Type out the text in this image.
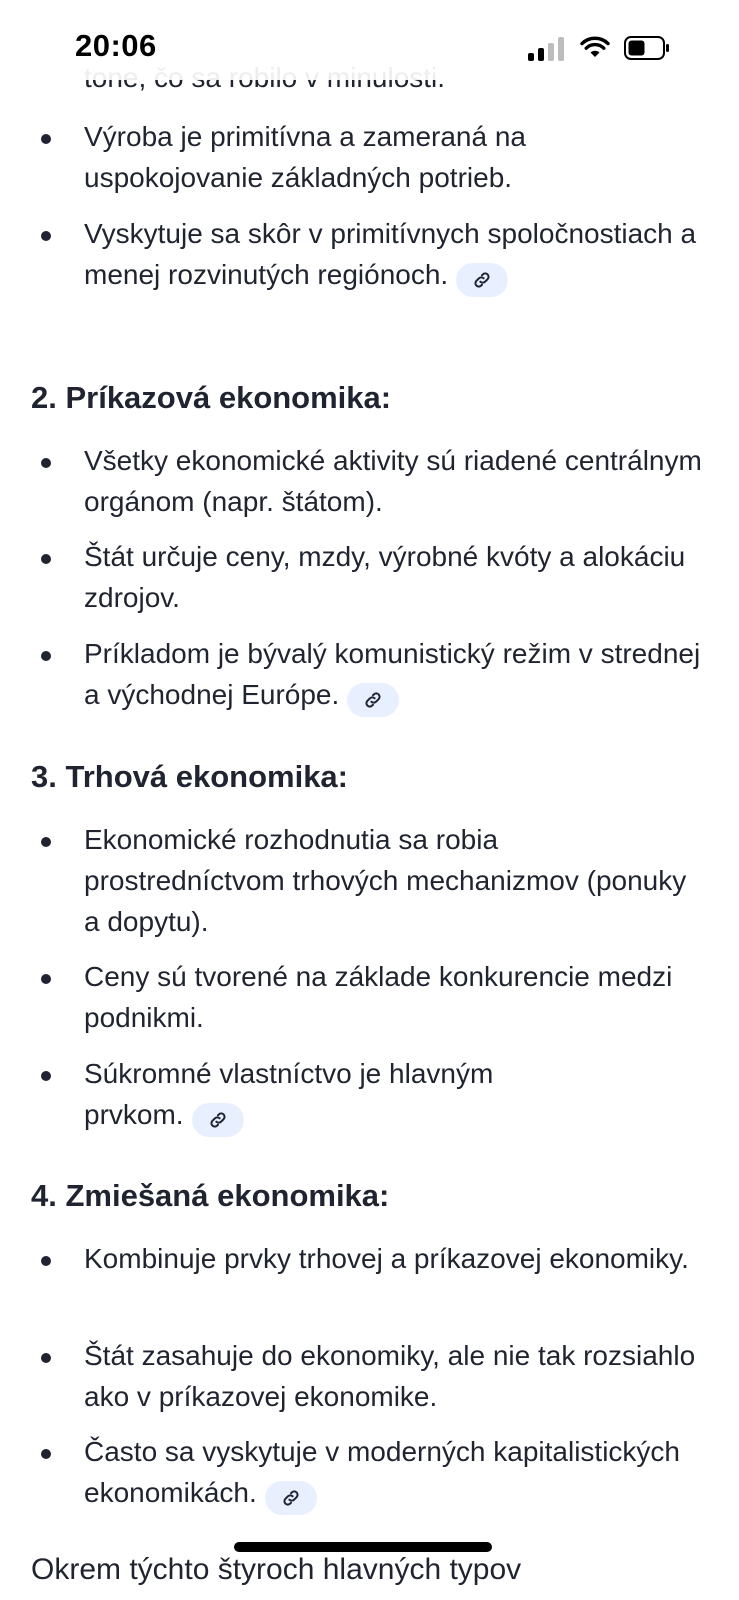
Výroba je primitívna a zameraná na uspokojovanie základných potrieb.
Vyskytuje sa skôr v primitívnych spoločnostiach a menej rozvinutých regiónoch.
2. Príkazová ekonomika:
Všetky ekonomické aktivity sú riadené centrálnym orgánom (napr. štátom).
Štát určuje ceny, mzdy, výrobné kvóty a alokáciu zdrojov.
Príkladom je bývalý komunistický režim v strednej a východnej Európe.
3. Trhová ekonomika:
Ekonomické rozhodnutia sa robia prostredníctvom trhových mechanizmov (ponuky a dopytu).
Ceny sú tvorené na základe konkurencie medzi podnikmi.
Súkromné vlastníctvo je hlavným prvkom.
4. Zmiešaná ekonomika:
Kombinuje prvky trhovej a príkazovej ekonomiky.
Štát zasahuje do ekonomiky, ale nie tak rozsiahlo ako v príkazovej ekonomike.
Často sa vyskytuje v moderných kapitalistických ekonomikách.
Okrem týchto štyroch hlavných typov
20:06
